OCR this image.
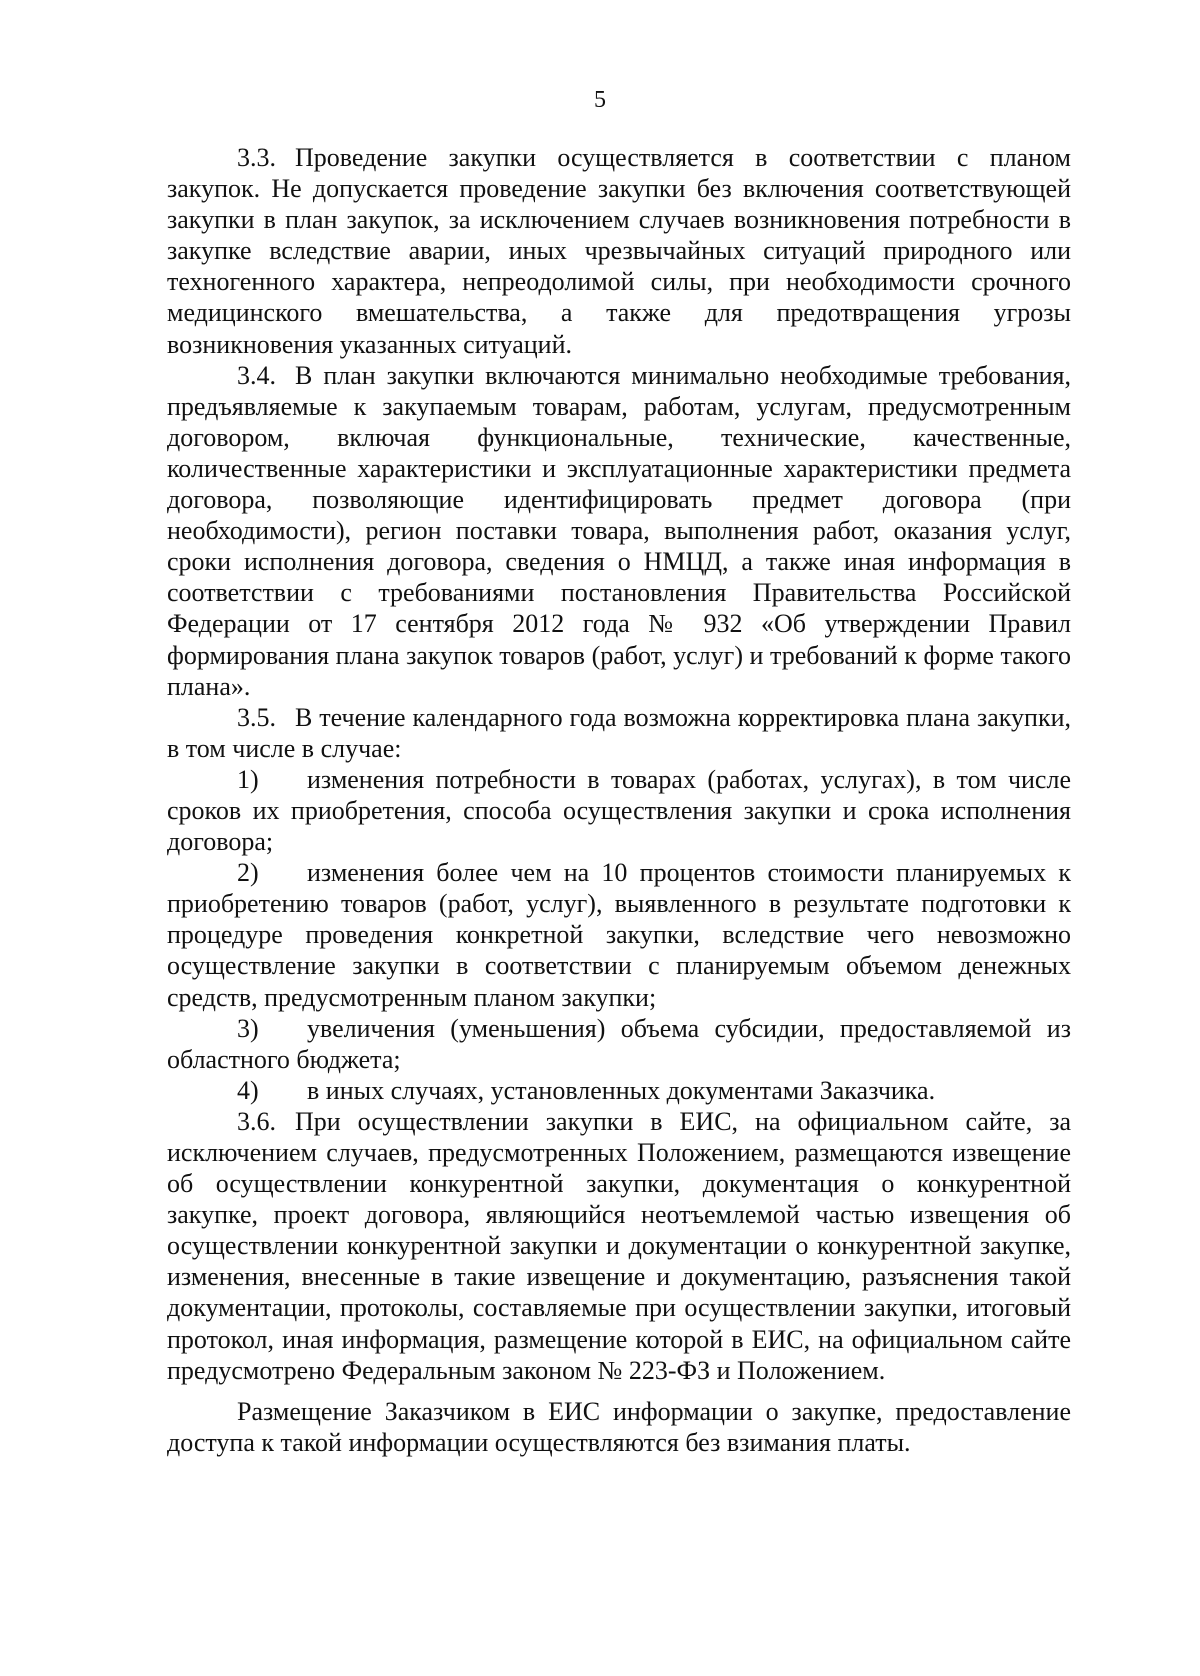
5

3.3. Проведение закупки осуществляется в соответствии с планом закупок. Не допускается проведение закупки без включения соответствующей закупки в план закупок, за исключением случаев возникновения потребности в закупке вследствие аварии, иных чрезвычайных ситуаций природного или техногенного характера, непреодолимой силы, при необходимости срочного медицинского вмешательства, а также для предотвращения угрозы возникновения указанных ситуаций.

3.4. В план закупки включаются минимально необходимые требования, предъявляемые к закупаемым товарам, работам, услугам, предусмотренным договором, включая функциональные, технические, качественные, количественные характеристики и эксплуатационные характеристики предмета договора, позволяющие идентифицировать предмет договора (при необходимости), регион поставки товара, выполнения работ, оказания услуг, сроки исполнения договора, сведения о НМЦД, а также иная информация в соответствии с требованиями постановления Правительства Российской Федерации от 17 сентября 2012 года № 932 «Об утверждении Правил формирования плана закупок товаров (работ, услуг) и требований к форме такого плана».

3.5. В течение календарного года возможна корректировка плана закупки, в том числе в случае:

1) изменения потребности в товарах (работах, услугах), в том числе сроков их приобретения, способа осуществления закупки и срока исполнения договора;

2) изменения более чем на 10 процентов стоимости планируемых к приобретению товаров (работ, услуг), выявленного в результате подготовки к процедуре проведения конкретной закупки, вследствие чего невозможно осуществление закупки в соответствии с планируемым объемом денежных средств, предусмотренным планом закупки;

3) увеличения (уменьшения) объема субсидии, предоставляемой из областного бюджета;

4) в иных случаях, установленных документами Заказчика.

3.6. При осуществлении закупки в ЕИС, на официальном сайте, за исключением случаев, предусмотренных Положением, размещаются извещение об осуществлении конкурентной закупки, документация о конкурентной закупке, проект договора, являющийся неотъемлемой частью извещения об осуществлении конкурентной закупки и документации о конкурентной закупке, изменения, внесенные в такие извещение и документацию, разъяснения такой документации, протоколы, составляемые при осуществлении закупки, итоговый протокол, иная информация, размещение которой в ЕИС, на официальном сайте предусмотрено Федеральным законом № 223-ФЗ и Положением.

Размещение Заказчиком в ЕИС информации о закупке, предоставление доступа к такой информации осуществляются без взимания платы.
